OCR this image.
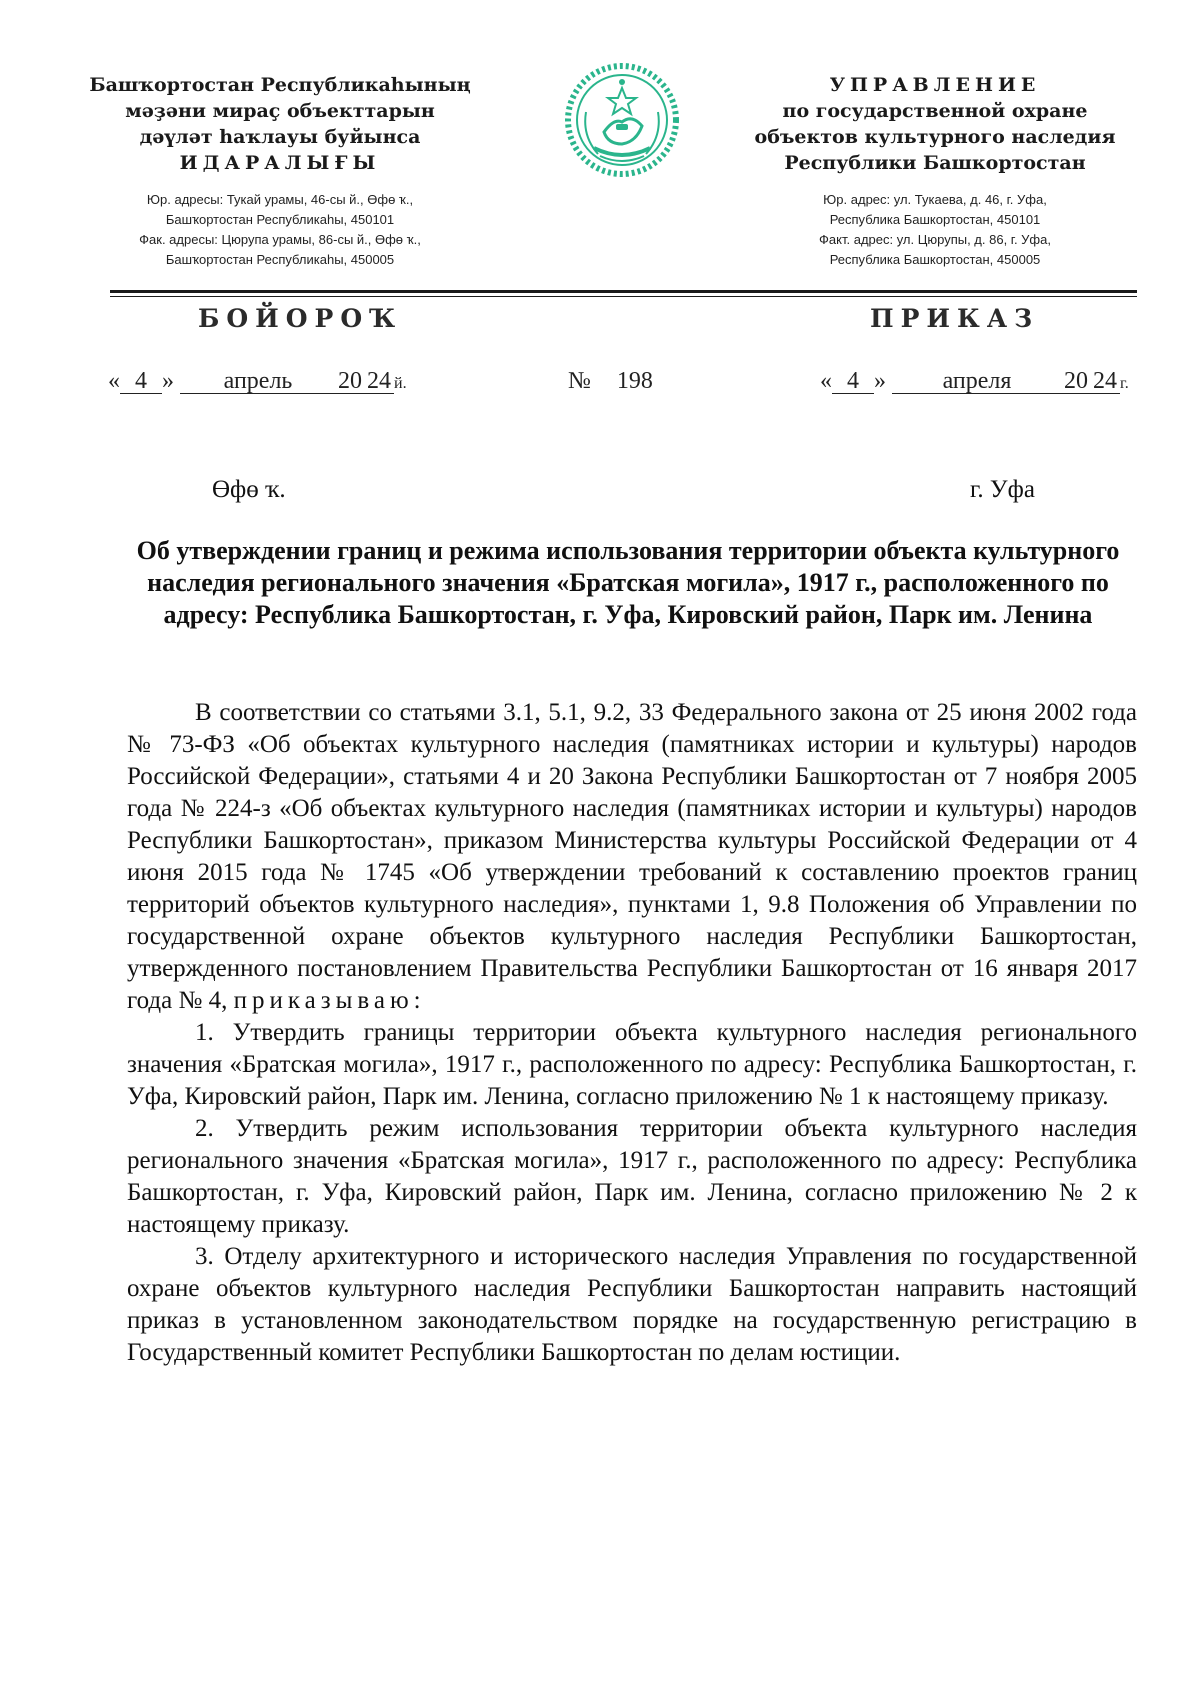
Башҡортостан Республикаһының
мәҙәни мираҫ объекттарын
дәүләт һаҡлауы буйынса
ИДАРАЛЫҒЫ
Юр. адресы: Тукай урамы, 46-сы й., Өфө ҡ.,
Башҡортостан Республикаһы, 450101
Фак. адресы: Цюрупа урамы, 86-сы й., Өфө ҡ.,
Башҡортостан Республикаһы, 450005
УПРАВЛЕНИЕ
по государственной охране
объектов культурного наследия
Республики Башкортостан
Юр. адрес: ул. Тукаева, д. 46, г. Уфа,
Республика Башкортостан, 450101
Факт. адрес: ул. Цюрупы, д. 86, г. Уфа,
Республика Башкортостан, 450005
БОЙОРОҠ	ПРИКАЗ
« 4 » апрель 20 24 й.	№ 198	« 4 » апреля 20 24 г.
Өфө ҡ.	г. Уфа
Об утверждении границ и режима использования территории объекта культурного наследия регионального значения «Братская могила», 1917 г., расположенного по адресу: Республика Башкортостан, г. Уфа, Кировский район, Парк им. Ленина

В соответствии со статьями 3.1, 5.1, 9.2, 33 Федерального закона от 25 июня 2002 года № 73-ФЗ «Об объектах культурного наследия (памятниках истории и культуры) народов Российской Федерации», статьями 4 и 20 Закона Республики Башкортостан от 7 ноября 2005 года № 224-з «Об объектах культурного наследия (памятниках истории и культуры) народов Республики Башкортостан», приказом Министерства культуры Российской Федерации от 4 июня 2015 года № 1745 «Об утверждении требований к составлению проектов границ территорий объектов культурного наследия», пунктами 1, 9.8 Положения об Управлении по государственной охране объектов культурного наследия Республики Башкортостан, утвержденного постановлением Правительства Республики Башкортостан от 16 января 2017 года № 4, приказываю:

1. Утвердить границы территории объекта культурного наследия регионального значения «Братская могила», 1917 г., расположенного по адресу: Республика Башкортостан, г. Уфа, Кировский район, Парк им. Ленина, согласно приложению № 1 к настоящему приказу.

2. Утвердить режим использования территории объекта культурного наследия регионального значения «Братская могила», 1917 г., расположенного по адресу: Республика Башкортостан, г. Уфа, Кировский район, Парк им. Ленина, согласно приложению № 2 к настоящему приказу.

3. Отделу архитектурного и исторического наследия Управления по государственной охране объектов культурного наследия Республики Башкортостан направить настоящий приказ в установленном законодательством порядке на государственную регистрацию в Государственный комитет Республики Башкортостан по делам юстиции.
